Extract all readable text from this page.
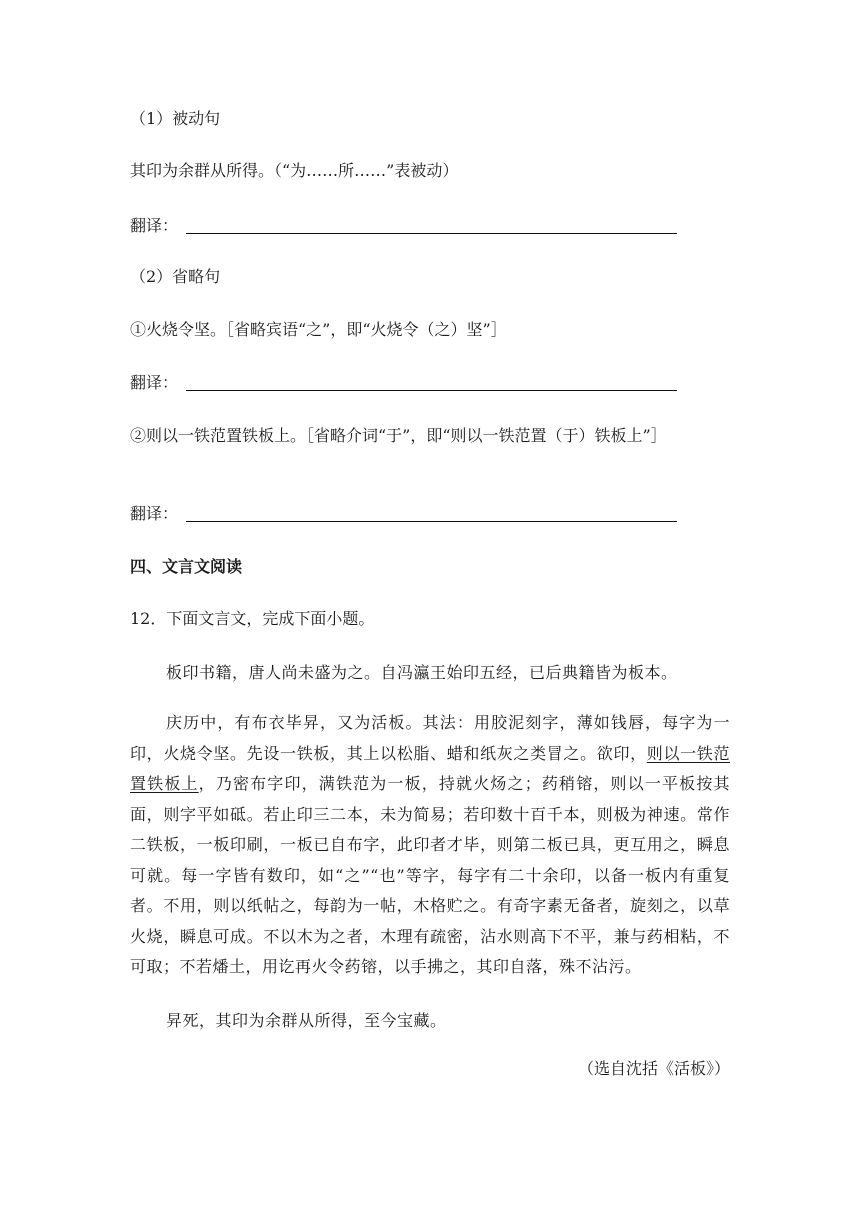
（1）被动句
其印为余群从所得。（“为……所……”表被动）
翻译：
（2）省略句
①火烧令坚。［省略宾语“之”，即“火烧令（之）坚”］
翻译：
②则以一铁范置铁板上。［省略介词“于”，即“则以一铁范置（于）铁板上”］
翻译：
四、文言文阅读
12．下面文言文，完成下面小题。
板印书籍，唐人尚未盛为之。自冯瀛王始印五经，已后典籍皆为板本。
庆历中，有布衣毕昇，又为活板。其法：用胶泥刻字，薄如钱唇，每字为一印，火烧令坚。先设一铁板，其上以松脂、蜡和纸灰之类冒之。欲印，则以一铁范置铁板上，乃密布字印，满铁范为一板，持就火炀之；药稍镕，则以一平板按其面，则字平如砥。若止印三二本，未为简易；若印数十百千本，则极为神速。常作二铁板，一板印刷，一板已自布字，此印者才毕，则第二板已具，更互用之，瞬息可就。每一字皆有数印，如“之”“也”等字，每字有二十余印，以备一板内有重复者。不用，则以纸帖之，每韵为一帖，木格贮之。有奇字素无备者，旋刻之，以草火烧，瞬息可成。不以木为之者，木理有疏密，沾水则高下不平，兼与药相粘，不可取；不若燔土，用讫再火令药镕，以手拂之，其印自落，殊不沾污。
昇死，其印为余群从所得，至今宝藏。
（选自沈括《活板》）
